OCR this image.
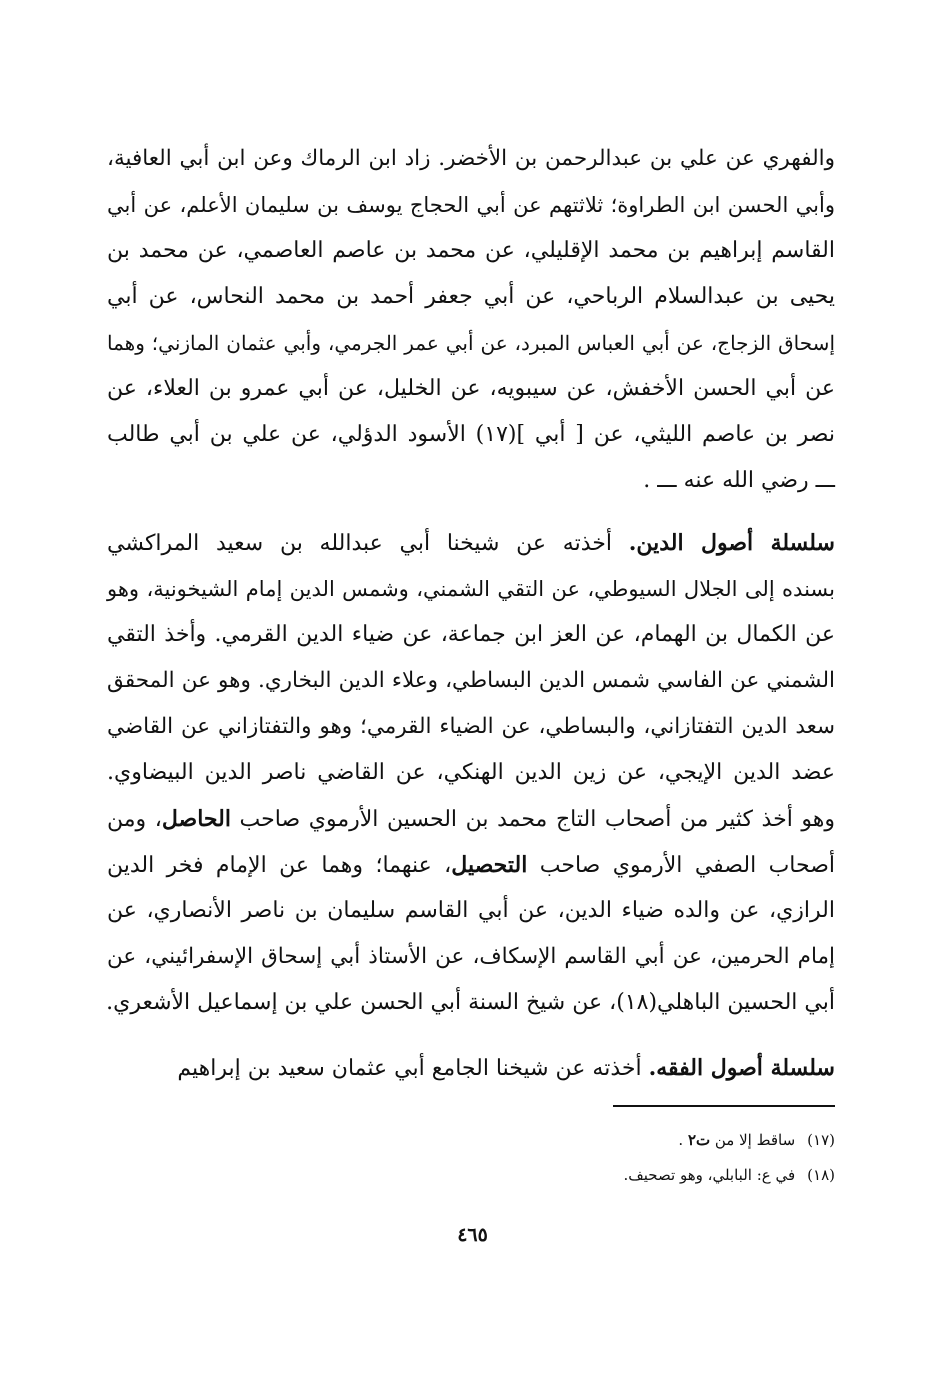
والفهري عن علي بن عبدالرحمن بن الأخضر. زاد ابن الرماك وعن ابن أبي العافية،
وأبي الحسن ابن الطراوة؛ ثلاثتهم عن أبي الحجاج يوسف بن سليمان الأعلم، عن أبي
القاسم إبراهيم بن محمد الإقليلي، عن محمد بن عاصم العاصمي، عن محمد بن
يحيى بن عبدالسلام الرباحي، عن أبي جعفر أحمد بن محمد النحاس، عن أبي
إسحاق الزجاج، عن أبي العباس المبرد، عن أبي عمر الجرمي، وأبي عثمان المازني؛ وهما
عن أبي الحسن الأخفش، عن سيبويه، عن الخليل، عن أبي عمرو بن العلاء، عن
نصر بن عاصم الليثي، عن [ أبي ](١٧) الأسود الدؤلي، عن علي بن أبي طالب
ـــ رضي الله عنه ـــ .
سلسلة أصول الدين. أخذته عن شيخنا أبي عبدالله بن سعيد المراكشي
بسنده إلى الجلال السيوطي، عن التقي الشمني، وشمس الدين إمام الشيخونية، وهو
عن الكمال بن الهمام، عن العز ابن جماعة، عن ضياء الدين القرمي. وأخذ التقي
الشمني عن الفاسي شمس الدين البساطي، وعلاء الدين البخاري. وهو عن المحقق
سعد الدين التفتازاني، والبساطي، عن الضياء القرمي؛ وهو والتفتازاني عن القاضي
عضد الدين الإيجي، عن زين الدين الهنكي، عن القاضي ناصر الدين البيضاوي.
وهو أخذ كثير من أصحاب التاج محمد بن الحسين الأرموي صاحب الحاصل، ومن
أصحاب الصفي الأرموي صاحب التحصيل، عنهما؛ وهما عن الإمام فخر الدين
الرازي، عن والده ضياء الدين، عن أبي القاسم سليمان بن ناصر الأنصاري، عن
إمام الحرمين، عن أبي القاسم الإسكاف، عن الأستاذ أبي إسحاق الإسفرائيني، عن
أبي الحسين الباهلي(١٨)، عن شيخ السنة أبي الحسن علي بن إسماعيل الأشعري.
سلسلة أصول الفقه. أخذته عن شيخنا الجامع أبي عثمان سعيد بن إبراهيم
(١٧)ساقط إلا من ت٢ .
(١٨)في ع: البابلي، وهو تصحيف.
٤٦٥
